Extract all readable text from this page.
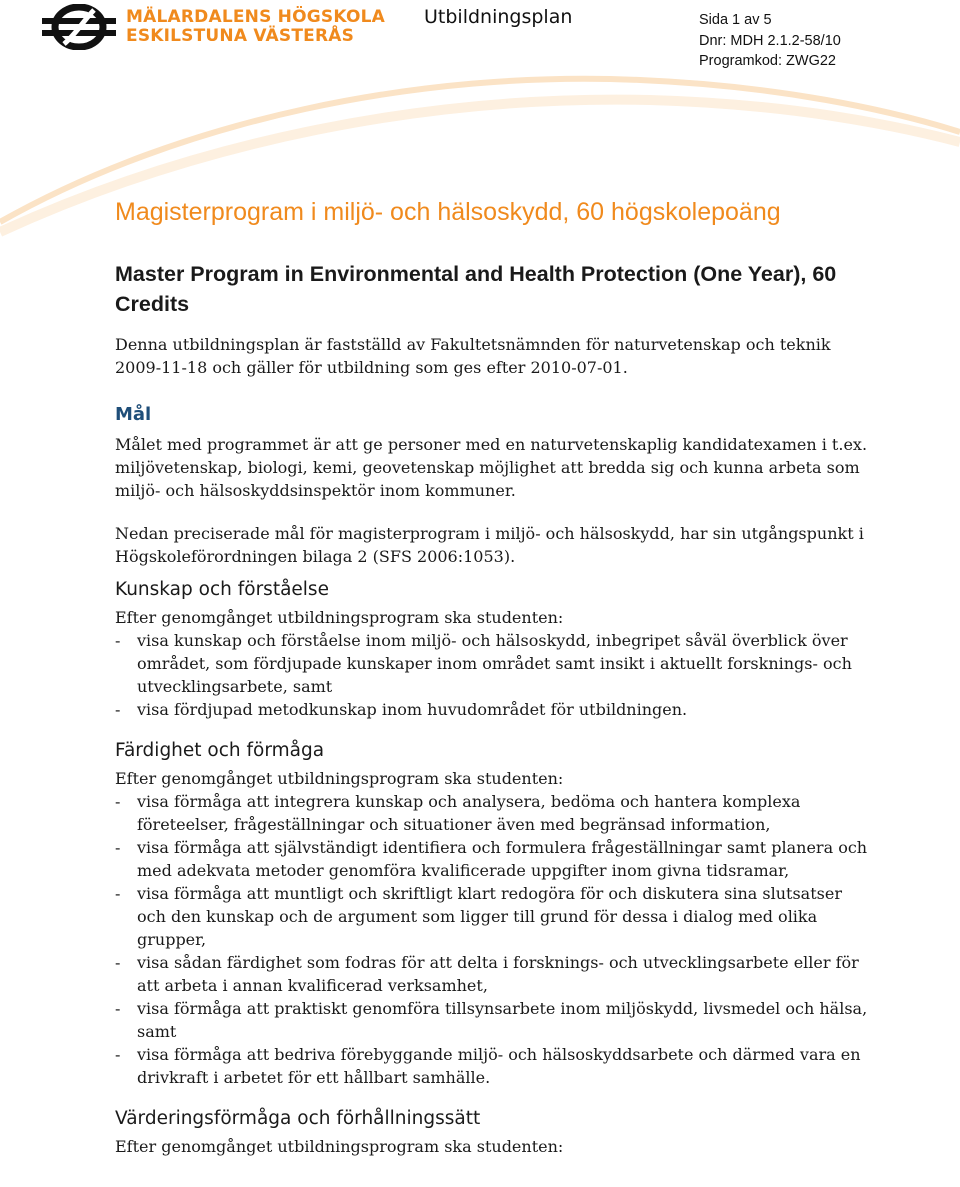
MÄLARDALENS HÖGSKOLA
ESKILSTUNA VÄSTERÅS
Utbildningsplan	Sida 1 av 5
Dnr: MDH 2.1.2-58/10
Programkod: ZWG22
Magisterprogram i miljö- och hälsoskydd, 60 högskolepoäng
Master Program in Environmental and Health Protection (One Year), 60 Credits

Denna utbildningsplan är fastställd av Fakultetsnämnden för naturvetenskap och teknik 2009-11-18 och gäller för utbildning som ges efter 2010-07-01.

Mål

Målet med programmet är att ge personer med en naturvetenskaplig kandidatexamen i t.ex. miljövetenskap, biologi, kemi, geovetenskap möjlighet att bredda sig och kunna arbeta som miljö- och hälsoskyddsinspektör inom kommuner.

Nedan preciserade mål för magisterprogram i miljö- och hälsoskydd, har sin utgångspunkt i Högskoleförordningen bilaga 2 (SFS 2006:1053).

Kunskap och förståelse

Efter genomgånget utbildningsprogram ska studenten:

- visa kunskap och förståelse inom miljö- och hälsoskydd, inbegripet såväl överblick över området, som fördjupade kunskaper inom området samt insikt i aktuellt forsknings- och utvecklingsarbete, samt
- visa fördjupad metodkunskap inom huvudområdet för utbildningen.
Färdighet och förmåga

Efter genomgånget utbildningsprogram ska studenten:

- visa förmåga att integrera kunskap och analysera, bedöma och hantera komplexa företeelser, frågeställningar och situationer även med begränsad information,
- visa förmåga att självständigt identifiera och formulera frågeställningar samt planera och med adekvata metoder genomföra kvalificerade uppgifter inom givna tidsramar,
- visa förmåga att muntligt och skriftligt klart redogöra för och diskutera sina slutsatser och den kunskap och de argument som ligger till grund för dessa i dialog med olika grupper,
- visa sådan färdighet som fodras för att delta i forsknings- och utvecklingsarbete eller för att arbeta i annan kvalificerad verksamhet,
- visa förmåga att praktiskt genomföra tillsynsarbete inom miljöskydd, livsmedel och hälsa, samt
- visa förmåga att bedriva förebyggande miljö- och hälsoskyddsarbete och därmed vara en drivkraft i arbetet för ett hållbart samhälle.
Värderingsförmåga och förhållningssätt

Efter genomgånget utbildningsprogram ska studenten:
